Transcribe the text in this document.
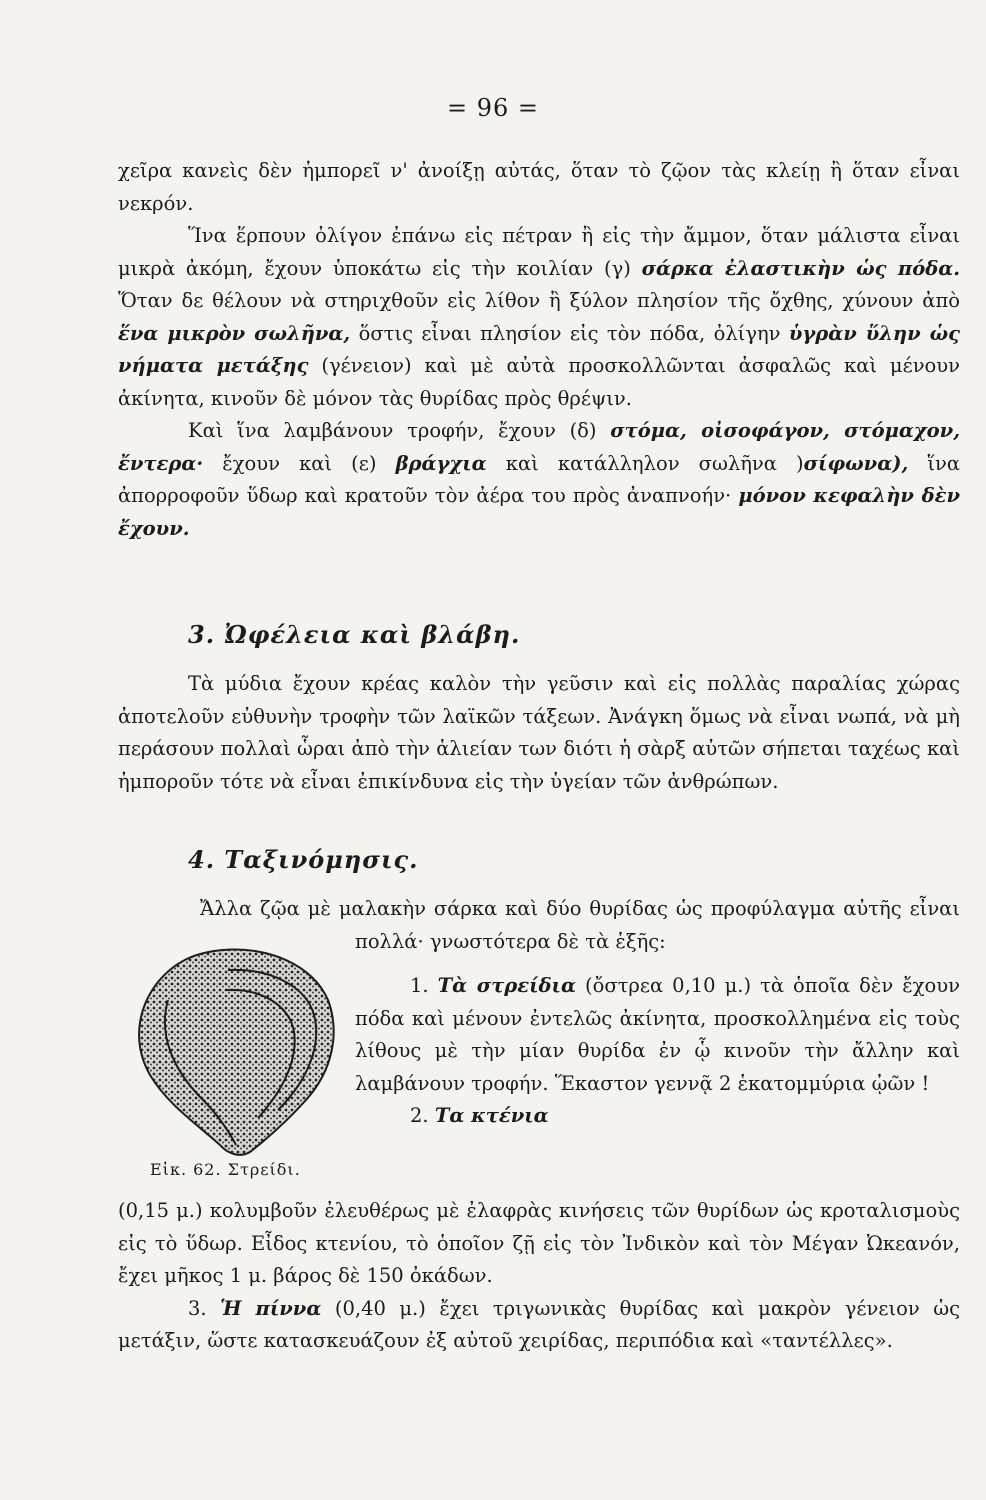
= 96 =

χεῖρα κανεὶς δὲν ἠμπορεῖ ν' ἀνοίξῃ αὐτάς, ὅταν τὸ ζῷον τὰς κλείῃ ἢ ὅταν εἶναι νεκρόν.

Ἵνα ἕρπουν ὀλίγον ἐπάνω εἰς πέτραν ἢ εἰς τὴν ἄμμον, ὅταν μάλιστα εἶναι μικρὰ ἀκόμη, ἔχουν ὑποκάτω εἰς τὴν κοιλίαν (γ) σάρκα ἐλαστικὴν ὡς πόδα. Ὅταν δε θέλουν νὰ στηριχθοῦν εἰς λίθον ἢ ξύλον πλησίον τῆς ὄχθης, χύνουν ἀπὸ ἕνα μικρὸν σωλῆνα, ὅστις εἶναι πλησίον εἰς τὸν πόδα, ὀλίγην ὑγρὰν ὕλην ὡς νήματα μετάξης (γένειον) καὶ μὲ αὐτὰ προσκολλῶνται ἀσφαλῶς καὶ μένουν ἀκίνητα, κινοῦν δὲ μόνον τὰς θυρίδας πρὸς θρέψιν.

Καὶ ἵνα λαμβάνουν τροφήν, ἔχουν (δ) στόμα, οἰσοφάγον, στόμαχον, ἔντερα· ἔχουν καὶ (ε) βράγχια καὶ κατάλληλον σωλῆνα )σίφωνα), ἵνα ἀπορροφοῦν ὕδωρ καὶ κρατοῦν τὸν ἀέρα του πρὸς ἀναπνοήν· μόνον κεφαλὴν δὲν ἔχουν.

3. Ὠφέλεια καὶ βλάβη.

Τὰ μύδια ἔχουν κρέας καλὸν τὴν γεῦσιν καὶ εἰς πολλὰς παραλίας χώρας ἀποτελοῦν εὐθυνὴν τροφὴν τῶν λαϊκῶν τάξεων. Ἀνάγκη ὅμως νὰ εἶναι νωπά, νὰ μὴ περάσουν πολλαὶ ὧραι ἀπὸ τὴν ἁλιείαν των διότι ἡ σὰρξ αὐτῶν σήπεται ταχέως καὶ ἠμποροῦν τότε νὰ εἶναι ἐπικίνδυνα εἰς τὴν ὑγείαν τῶν ἀνθρώπων.

4. Ταξινόμησις.

Ἄλλα ζῷα μὲ μαλακὴν σάρκα καὶ δύο θυρίδας ὡς προφύλαγμα αὐτῆς εἶναι πολλά· γνωστότερα δὲ τὰ ἑξῆς:

Εἰκ. 62. Στρείδι.

1. Τὰ στρείδια (ὄστρεα 0,10 μ.) τὰ ὁποῖα δὲν ἔχουν πόδα καὶ μένουν ἐντελῶς ἀκίνητα, προσκολλημένα εἰς τοὺς λίθους μὲ τὴν μίαν θυρίδα ἐν ᾧ κινοῦν τὴν ἄλλην καὶ λαμβάνουν τροφήν. Ἕκαστον γεννᾷ 2 ἑκατομμύρια ᾠῶν !

2. Τα κτένια

(0,15 μ.) κολυμβοῦν ἐλευθέρως μὲ ἐλαφρὰς κινήσεις τῶν θυρίδων ὡς κροταλισμοὺς εἰς τὸ ὕδωρ. Εἶδος κτενίου, τὸ ὁποῖον ζῇ εἰς τὸν Ἰνδικὸν καὶ τὸν Μέγαν Ὠκεανόν, ἔχει μῆκος 1 μ. βάρος δὲ 150 ὀκάδων.

3. Ἡ πίννα (0,40 μ.) ἔχει τριγωνικὰς θυρίδας καὶ μακρὸν γένειον ὡς μετάξιν, ὥστε κατασκευάζουν ἐξ αὐτοῦ χειρίδας, περιπόδια καὶ «ταντέλλες».
